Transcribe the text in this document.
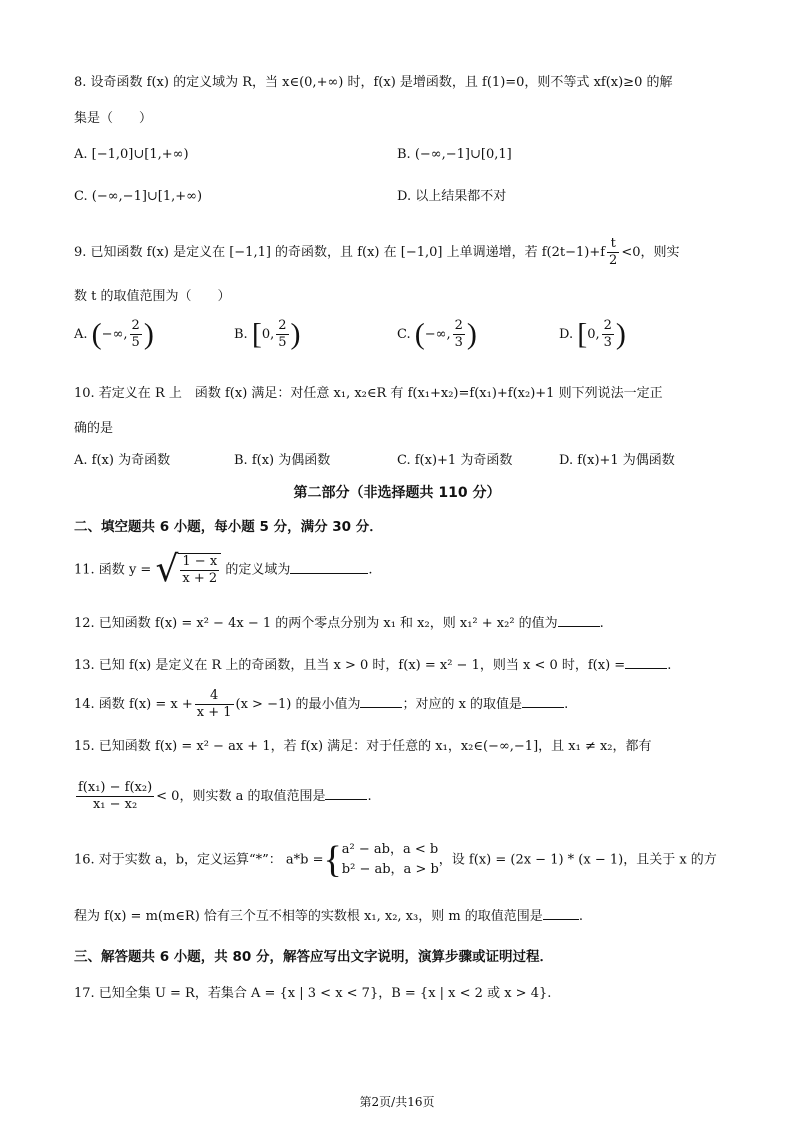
8. 设奇函数 f(x) 的定义域为 R，当 x∈(0,+∞) 时，f(x) 是增函数，且 f(1)=0，则不等式 xf(x)≥0 的解
集是（　　）
A. [−1,0]∪[1,+∞)	B. (−∞,−1]∪[0,1]
C. (−∞,−1]∪[1,+∞)	D. 以上结果都不对
9. 已知函数 f(x) 是定义在 [−1,1] 的奇函数，且 f(x) 在 [−1,0] 上单调递增，若 $f(2t-1)+f \frac{t}{2} <0$，则实
数 t 的取值范围为（　　）
A. (−∞, $\frac{2}{5}$ )	B. [0, $\frac{2}{5}$ )	C. (−∞, $\frac{2}{3}$ )	D. [0, $\frac{2}{3}$ )
10. 若定义在 R 上　函数 f(x) 满足：对任意 x₁, x₂∈R 有 f(x₁+x₂)=f(x₁)+f(x₂)+1 则下列说法一定正
确的是
A. f(x) 为奇函数	B. f(x) 为偶函数	C. f(x)+1 为奇函数	D. f(x)+1 为偶函数
第二部分（非选择题共 110 分）
二、填空题共 6 小题，每小题 5 分，满分 30 分．
11. 函数 y = √ $\frac{1 - x}{x + 2}$ 的定义域为	.
12. 已知函数 f(x) = x² − 4x − 1 的两个零点分别为 x₁ 和 x₂，则 x₁² + x₂² 的值为	.
13. 已知 f(x) 是定义在 R 上的奇函数，且当 x > 0 时，f(x) = x² − 1，则当 x < 0 时，f(x) =	.
14. 函数 $f(x) = x + \frac{4}{x + 1} (x > -1)$ 的最小值为	；对应的 x 的取值是	.
15. 已知函数 f(x) = x² − ax + 1，若 f(x) 满足：对于任意的 x₁，x₂∈(−∞,−1]，且 x₁ ≠ x₂，都有
$\frac{\text{f(x₁) − f(x₂)}}{\text{x₁ − x₂}} < 0$，则实数 a 的取值范围是	.
16. 对于实数 a，b，定义运算“*”： a*b ={ a² − ab，a < b
b² − ab，a > b
，设 f(x) = (2x − 1) * (x − 1)，且关于 x 的方
程为 f(x) = m(m∈R) 恰有三个互不相等的实数根 x₁, x₂, x₃，则 m 的取值范围是	.
三、解答题共 6 小题，共 80 分，解答应写出文字说明，演算步骤或证明过程．
17. 已知全集 U = R，若集合 A = {x | 3 < x < 7}，B = {x | x < 2 或 x > 4}.
第2页/共16页
